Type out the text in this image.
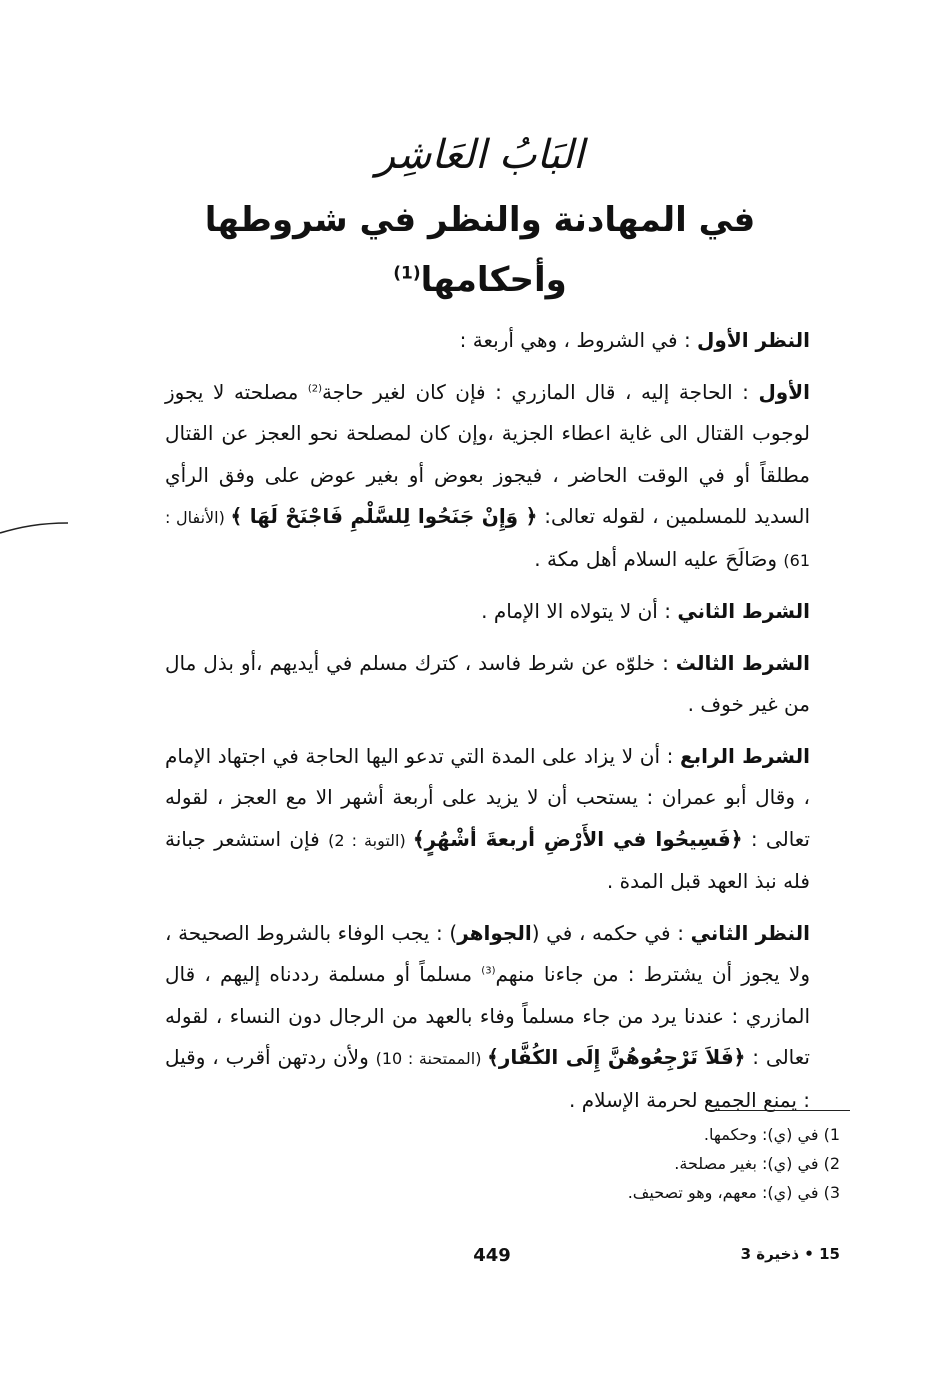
البَابُ العَاشِر
في المهادنة والنظر في شروطها وأحكامها$^{(1)}$

النظر الأول : في الشروط ، وهي أربعة :

الأول : الحاجة إليه ، قال المازري : فإن كان لغير حاجة$^{(2)}$ مصلحته لا يجوز لوجوب القتال الى غاية اعطاء الجزية ،وإن كان لمصلحة نحو العجز عن القتال مطلقاً أو في الوقت الحاضر ، فيجوز بعوض أو بغير عوض على وفق الرأي السديد للمسلمين ، لقوله تعالى: ﴿ وَإِنْ جَنَحُوا لِلسَّلْمِ فَاجْنَحْ لَهَا ﴾ (الأنفال : 61) وصَالَحَ عليه السلام أهل مكة .

الشرط الثاني : أن لا يتولاه الا الإمام .

الشرط الثالث : خلوّه عن شرط فاسد ، كترك مسلم في أيديهم ،أو بذل مال من غير خوف .

الشرط الرابع : أن لا يزاد على المدة التي تدعو اليها الحاجة في اجتهاد الإمام ، وقال أبو عمران : يستحب أن لا يزيد على أربعة أشهر الا مع العجز ، لقوله تعالى : ﴿فَسِيحُوا في الأَرْضِ أربعةَ أشْهُرٍ﴾ (التوبة : 2) فإن استشعر جبانة فله نبذ العهد قبل المدة .

النظر الثاني : في حكمه ، في (الجواهر) : يجب الوفاء بالشروط الصحيحة ، ولا يجوز أن يشترط : من جاءنا منهم$^{(3)}$ مسلماً أو مسلمة رددناه إليهم ، قال المازري : عندنا يرد من جاء مسلماً وفاء بالعهد من الرجال دون النساء ، لقوله تعالى : ﴿فَلاَ تَرْجِعُوهُنَّ إِلَى الكُفَّار﴾ (الممتحنة : 10) ولأن ردتهن أقرب ، وقيل : يمنع الجميع لحرمة الإسلام .

1) في (ي): وحكمها.

2) في (ي): بغير مصلحة.

3) في (ي): معهم، وهو تصحيف.

449	15 • ذخيرة 3
